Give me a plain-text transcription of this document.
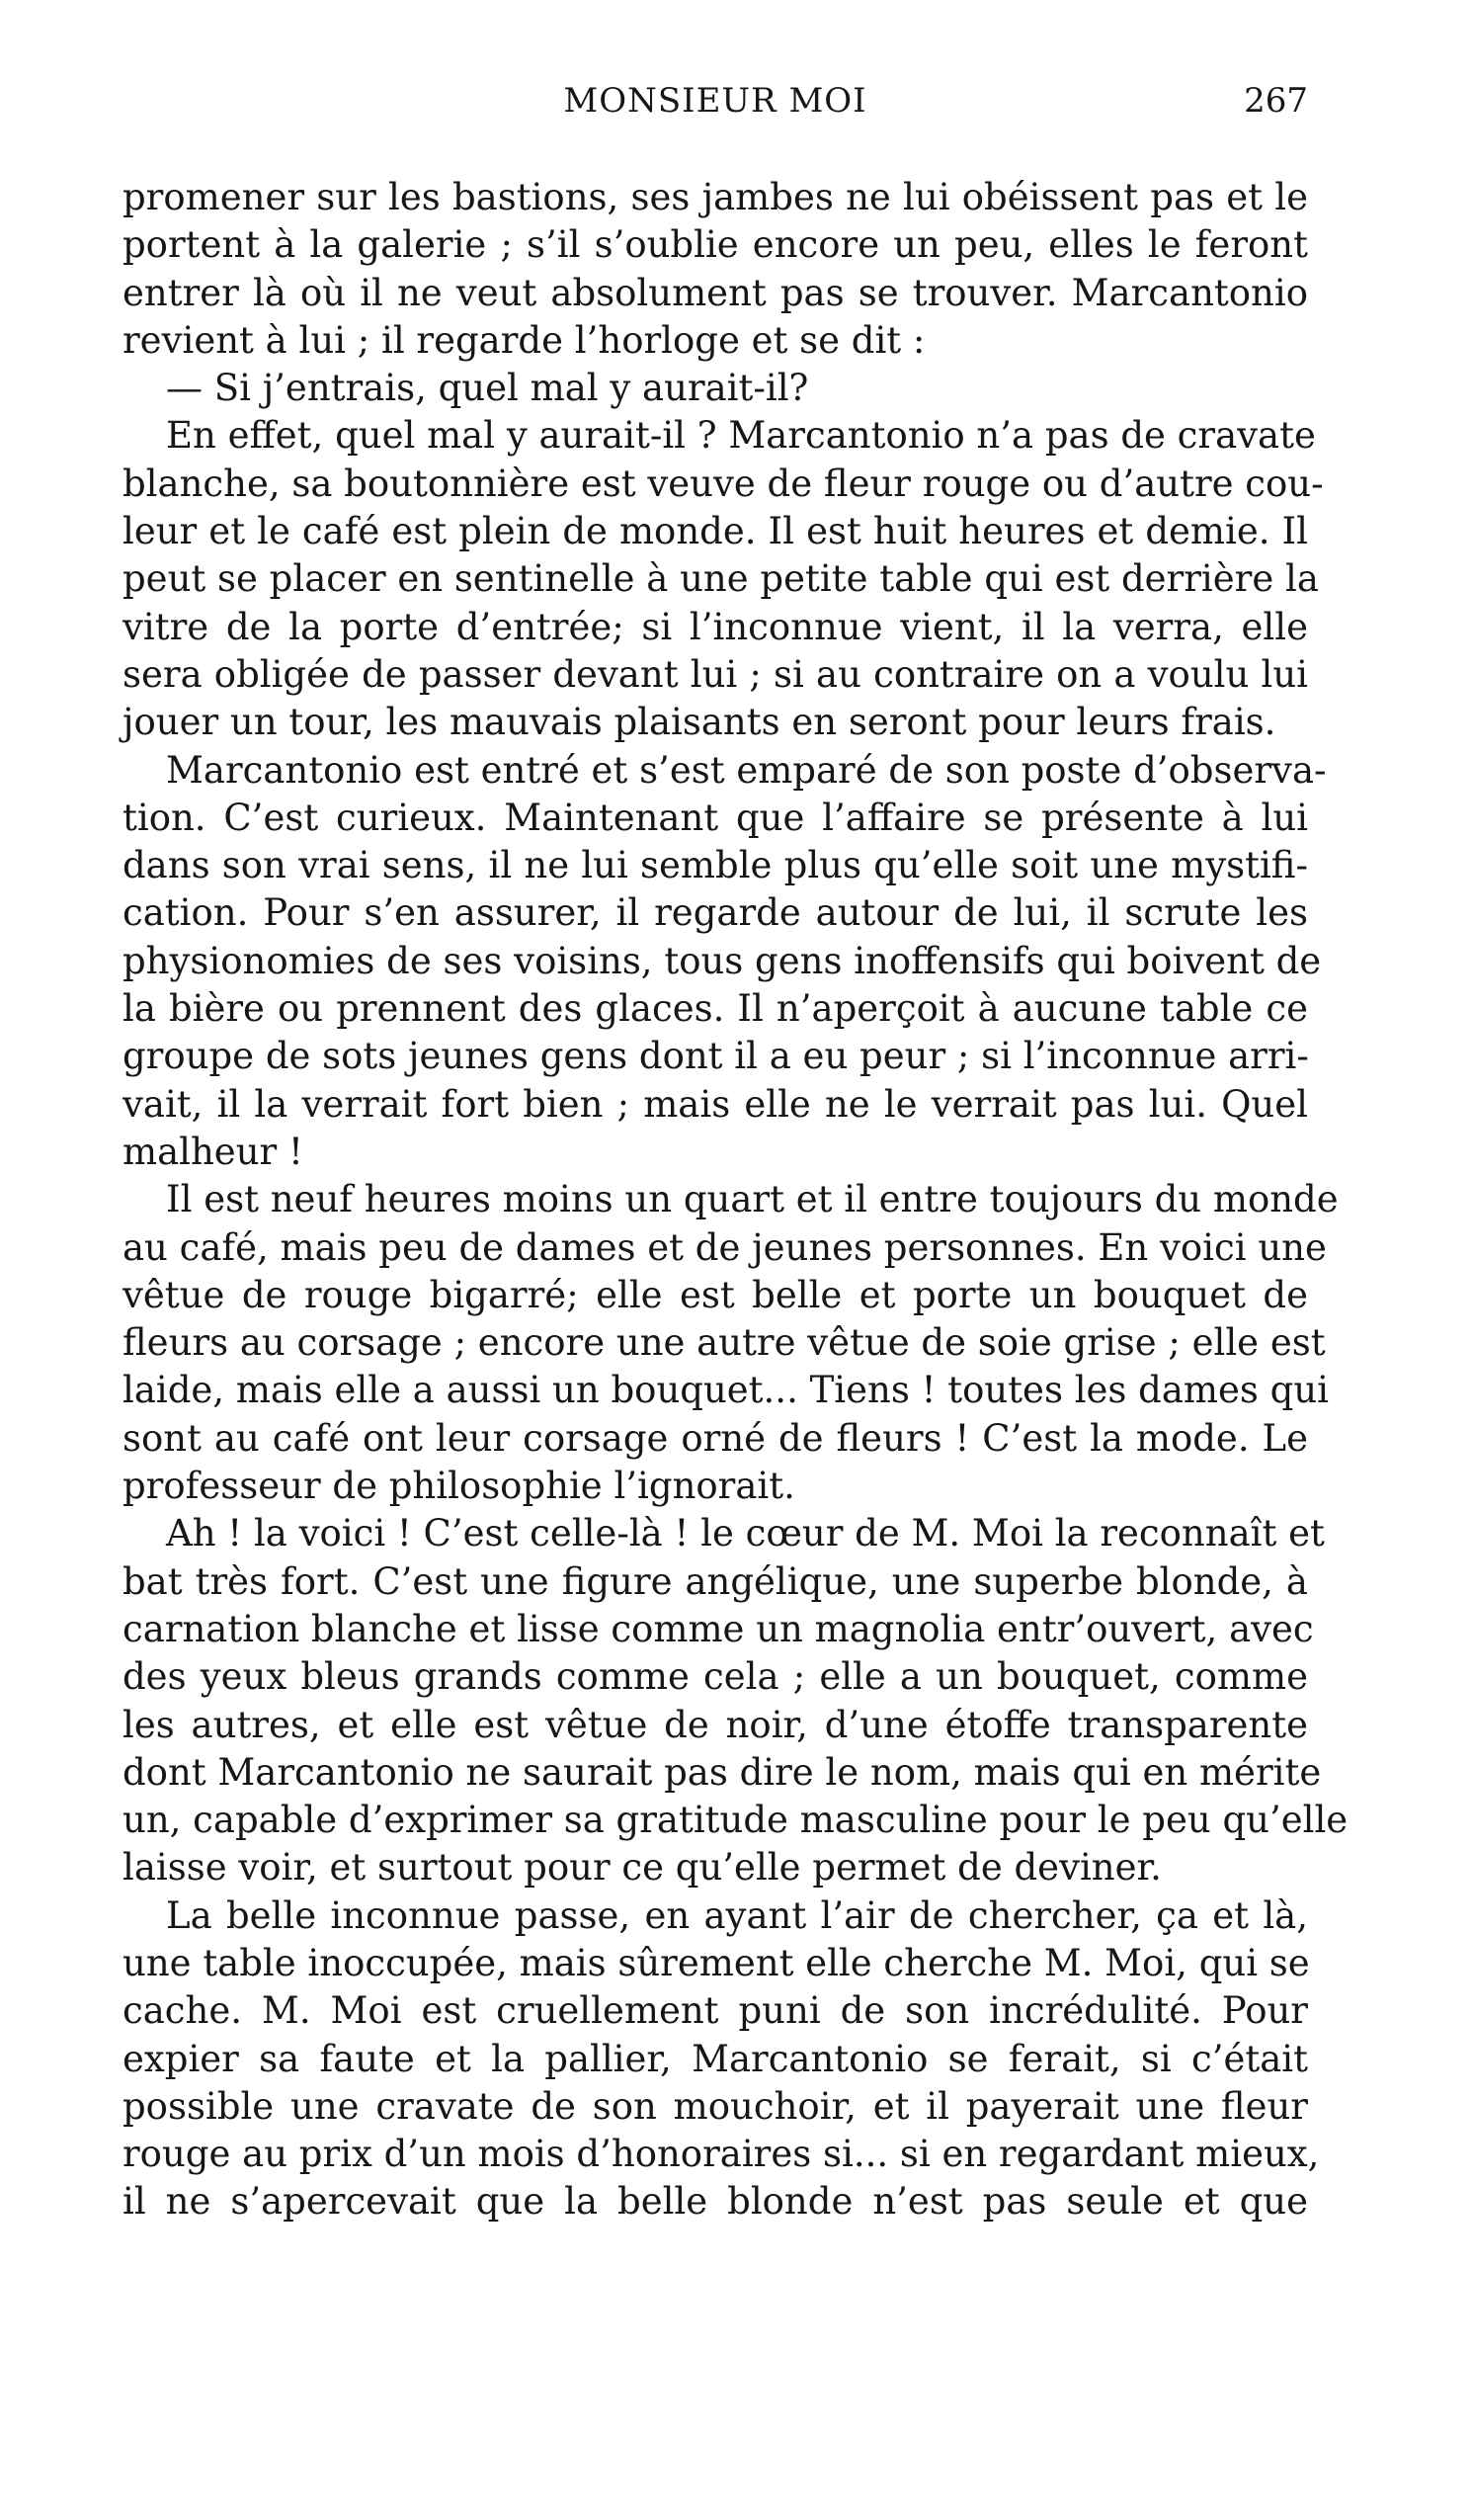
MONSIEUR MOI	267
promener sur les bastions, ses jambes ne lui obéissent pas et le
portent à la galerie ; s’il s’oublie encore un peu, elles le feront
entrer là où il ne veut absolument pas se trouver. Marcantonio
revient à lui ; il regarde l’horloge et se dit :
— Si j’entrais, quel mal y aurait-il?
En effet, quel mal y aurait-il ? Marcantonio n’a pas de cravate
blanche, sa boutonnière est veuve de fleur rouge ou d’autre cou-
leur et le café est plein de monde. Il est huit heures et demie. Il
peut se placer en sentinelle à une petite table qui est derrière la
vitre de la porte d’entrée; si l’inconnue vient, il la verra, elle
sera obligée de passer devant lui ; si au contraire on a voulu lui
jouer un tour, les mauvais plaisants en seront pour leurs frais.
Marcantonio est entré et s’est emparé de son poste d’observa-
tion. C’est curieux. Maintenant que l’affaire se présente à lui
dans son vrai sens, il ne lui semble plus qu’elle soit une mystifi-
cation. Pour s’en assurer, il regarde autour de lui, il scrute les
physionomies de ses voisins, tous gens inoffensifs qui boivent de
la bière ou prennent des glaces. Il n’aperçoit à aucune table ce
groupe de sots jeunes gens dont il a eu peur ; si l’inconnue arri-
vait, il la verrait fort bien ; mais elle ne le verrait pas lui. Quel
malheur !
Il est neuf heures moins un quart et il entre toujours du monde
au café, mais peu de dames et de jeunes personnes. En voici une
vêtue de rouge bigarré; elle est belle et porte un bouquet de
fleurs au corsage ; encore une autre vêtue de soie grise ; elle est
laide, mais elle a aussi un bouquet... Tiens ! toutes les dames qui
sont au café ont leur corsage orné de fleurs ! C’est la mode. Le
professeur de philosophie l’ignorait.
Ah ! la voici ! C’est celle-là ! le cœur de M. Moi la reconnaît et
bat très fort. C’est une figure angélique, une superbe blonde, à
carnation blanche et lisse comme un magnolia entr’ouvert, avec
des yeux bleus grands comme cela ; elle a un bouquet, comme
les autres, et elle est vêtue de noir, d’une étoffe transparente
dont Marcantonio ne saurait pas dire le nom, mais qui en mérite
un, capable d’exprimer sa gratitude masculine pour le peu qu’elle
laisse voir, et surtout pour ce qu’elle permet de deviner.
La belle inconnue passe, en ayant l’air de chercher, ça et là,
une table inoccupée, mais sûrement elle cherche M. Moi, qui se
cache. M. Moi est cruellement puni de son incrédulité. Pour
expier sa faute et la pallier, Marcantonio se ferait, si c’était
possible une cravate de son mouchoir, et il payerait une fleur
rouge au prix d’un mois d’honoraires si... si en regardant mieux,
il ne s’apercevait que la belle blonde n’est pas seule et que
